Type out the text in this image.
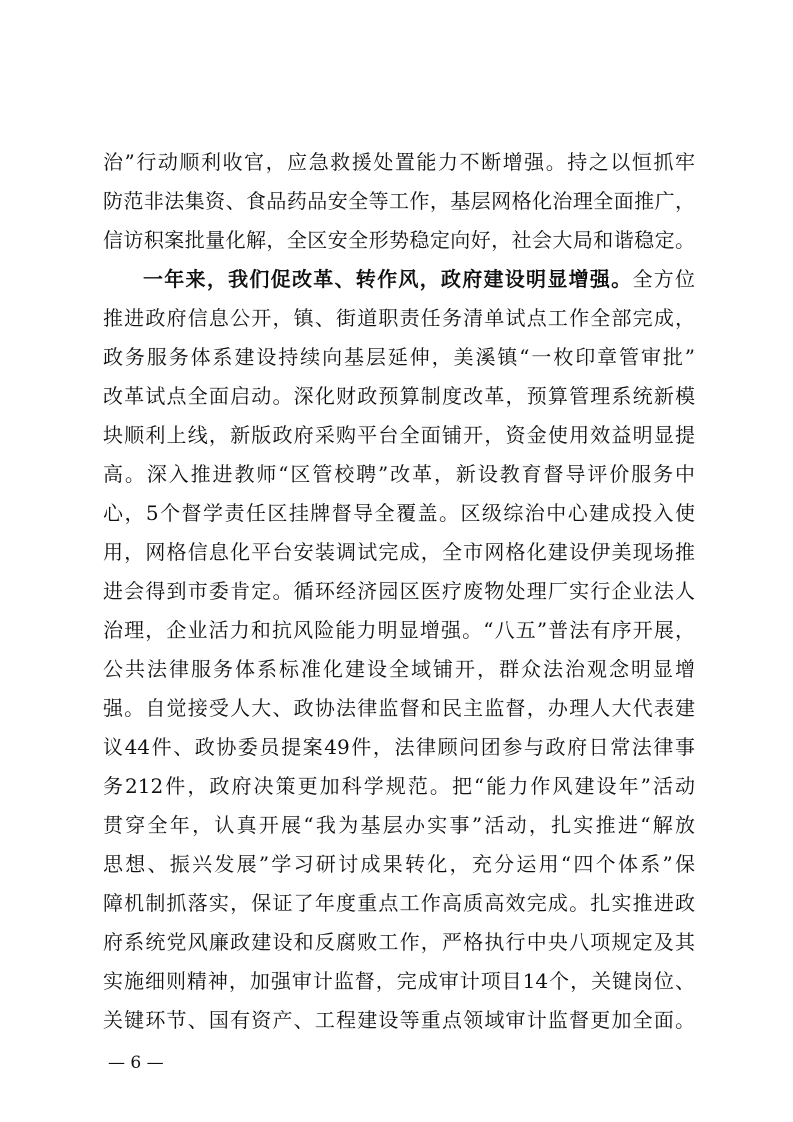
治”行动顺利收官，应急救援处置能力不断增强。持之以恒抓牢
防范非法集资、食品药品安全等工作，基层网格化治理全面推广，
信访积案批量化解，全区安全形势稳定向好，社会大局和谐稳定。
一年来，我们促改革、转作风，政府建设明显增强。全方位
推进政府信息公开，镇、街道职责任务清单试点工作全部完成，
政务服务体系建设持续向基层延伸，美溪镇“一枚印章管审批”
改革试点全面启动。深化财政预算制度改革，预算管理系统新模
块顺利上线，新版政府采购平台全面铺开，资金使用效益明显提
高。深入推进教师“区管校聘”改革，新设教育督导评价服务中
心，5个督学责任区挂牌督导全覆盖。区级综治中心建成投入使
用，网格信息化平台安装调试完成，全市网格化建设伊美现场推
进会得到市委肯定。循环经济园区医疗废物处理厂实行企业法人
治理，企业活力和抗风险能力明显增强。“八五”普法有序开展，
公共法律服务体系标准化建设全域铺开，群众法治观念明显增
强。自觉接受人大、政协法律监督和民主监督，办理人大代表建
议44件、政协委员提案49件，法律顾问团参与政府日常法律事
务212件，政府决策更加科学规范。把“能力作风建设年”活动
贯穿全年，认真开展“我为基层办实事”活动，扎实推进“解放
思想、振兴发展”学习研讨成果转化，充分运用“四个体系”保
障机制抓落实，保证了年度重点工作高质高效完成。扎实推进政
府系统党风廉政建设和反腐败工作，严格执行中央八项规定及其
实施细则精神，加强审计监督，完成审计项目14个，关键岗位、
关键环节、国有资产、工程建设等重点领域审计监督更加全面。
— 6 —
